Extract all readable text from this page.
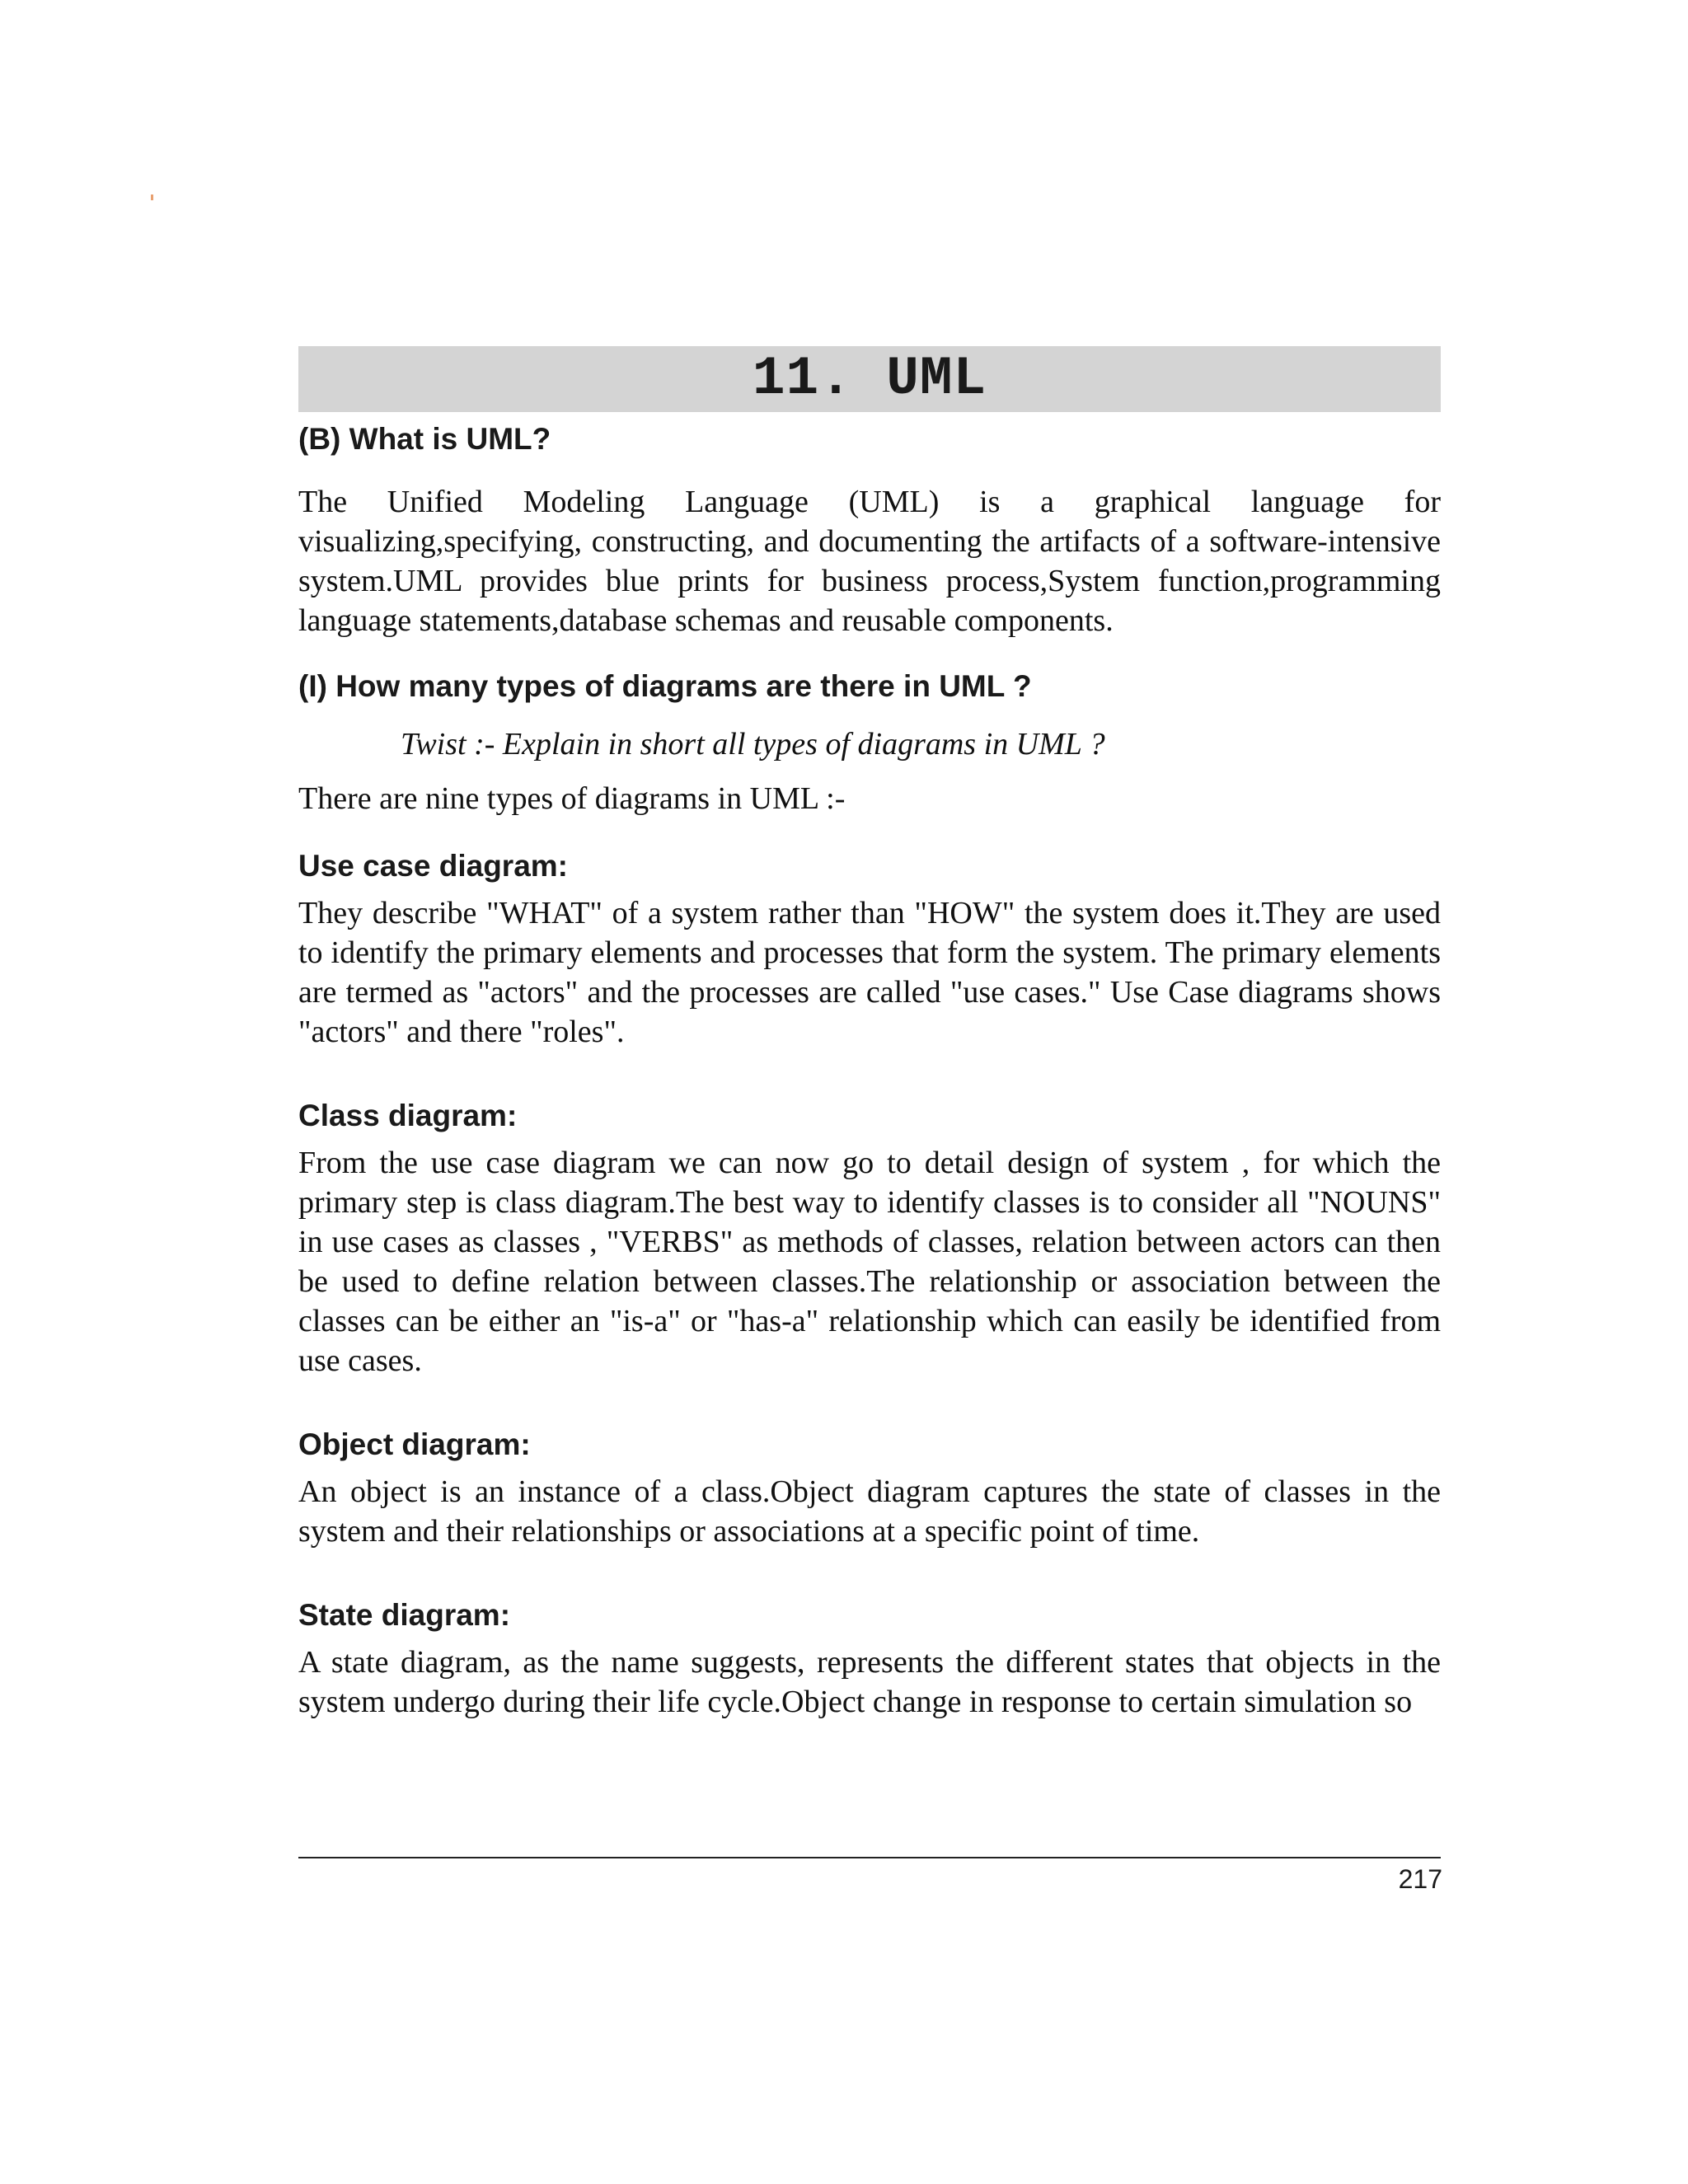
11. UML
(B) What is UML?

The Unified Modeling Language (UML) is a graphical language for visualizing,specifying, constructing, and documenting the artifacts of a software-intensive system.UML provides blue prints for business process,System function,programming language statements,database schemas and reusable components.

(I) How many types of diagrams are there in UML ?

Twist :- Explain in short all types of diagrams in UML ?

There are nine types of diagrams in UML :-

Use case diagram:

They describe "WHAT" of a system rather than "HOW" the system does it.They are used to identify the primary elements and processes that form the system. The primary elements are termed as "actors" and the processes are called "use cases." Use Case diagrams shows "actors" and there "roles".

Class diagram:

From the use case diagram we can now go to detail design of system , for which the primary step is class diagram.The best way to identify classes is to consider all "NOUNS" in use cases as classes , "VERBS" as methods of classes, relation between actors can then be used to define relation between classes.The relationship or association between the classes can be either an "is-a" or "has-a" relationship which can easily be identified from use cases.

Object diagram:

An object is an instance of a class.Object diagram captures the state of classes in the system and their relationships or associations at a specific point of time.

State diagram:

A state diagram, as the name suggests, represents the different states that objects in the system undergo during their life cycle.Object change in response to certain simulation so

217
